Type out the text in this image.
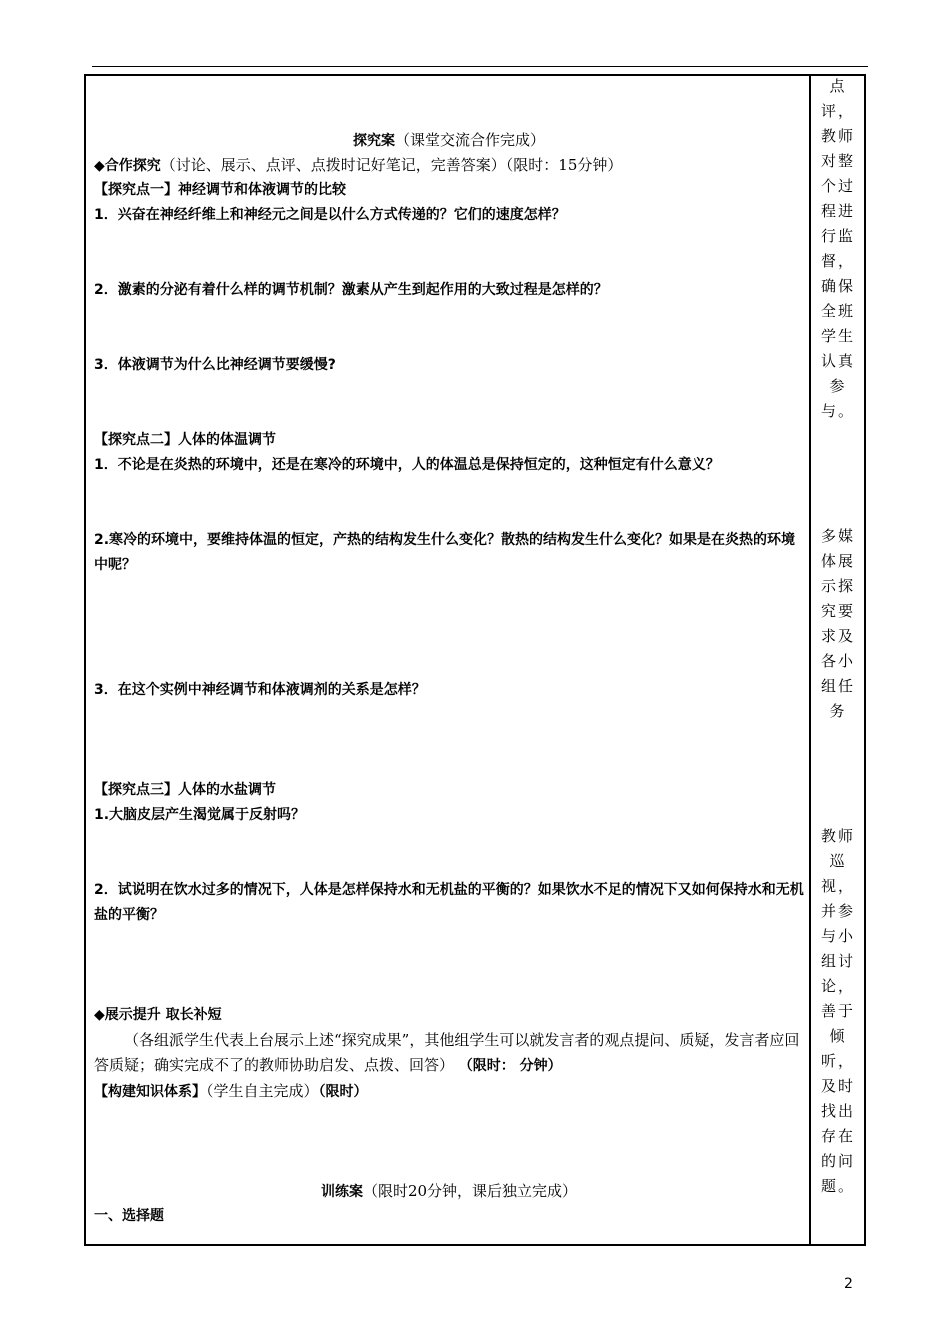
探究案（课堂交流合作完成）
◆合作探究（讨论、展示、点评、点拨时记好笔记，完善答案）（限时：15分钟）
【探究点一】神经调节和体液调节的比较
1．兴奋在神经纤维上和神经元之间是以什么方式传递的？它们的速度怎样？
2．激素的分泌有着什么样的调节机制？激素从产生到起作用的大致过程是怎样的？
3．体液调节为什么比神经调节要缓慢?
【探究点二】人体的体温调节
1．不论是在炎热的环境中，还是在寒冷的环境中，人的体温总是保持恒定的，这种恒定有什么意义？
2.寒冷的环境中，要维持体温的恒定，产热的结构发生什么变化？散热的结构发生什么变化？如果是在炎热的环境中呢？
3．在这个实例中神经调节和体液调剂的关系是怎样？
【探究点三】人体的水盐调节
1.大脑皮层产生渴觉属于反射吗？
2．试说明在饮水过多的情况下，人体是怎样保持水和无机盐的平衡的？如果饮水不足的情况下又如何保持水和无机盐的平衡？
◆展示提升 取长补短
（各组派学生代表上台展示上述“探究成果”，其他组学生可以就发言者的观点提问、质疑，发言者应回答质疑；确实完成不了的教师协助启发、点拨、回答） （限时： 分钟）
【构建知识体系】（学生自主完成）（限时）
训练案（限时20分钟，课后独立完成）
一、选择题
点评，教师对整个过程进行监督，确保全班学生认真参与。
多媒体展示探究要求及各小组任务
教师巡视，并参与小组讨论，善于倾听，及时找出存在的问题。
2
